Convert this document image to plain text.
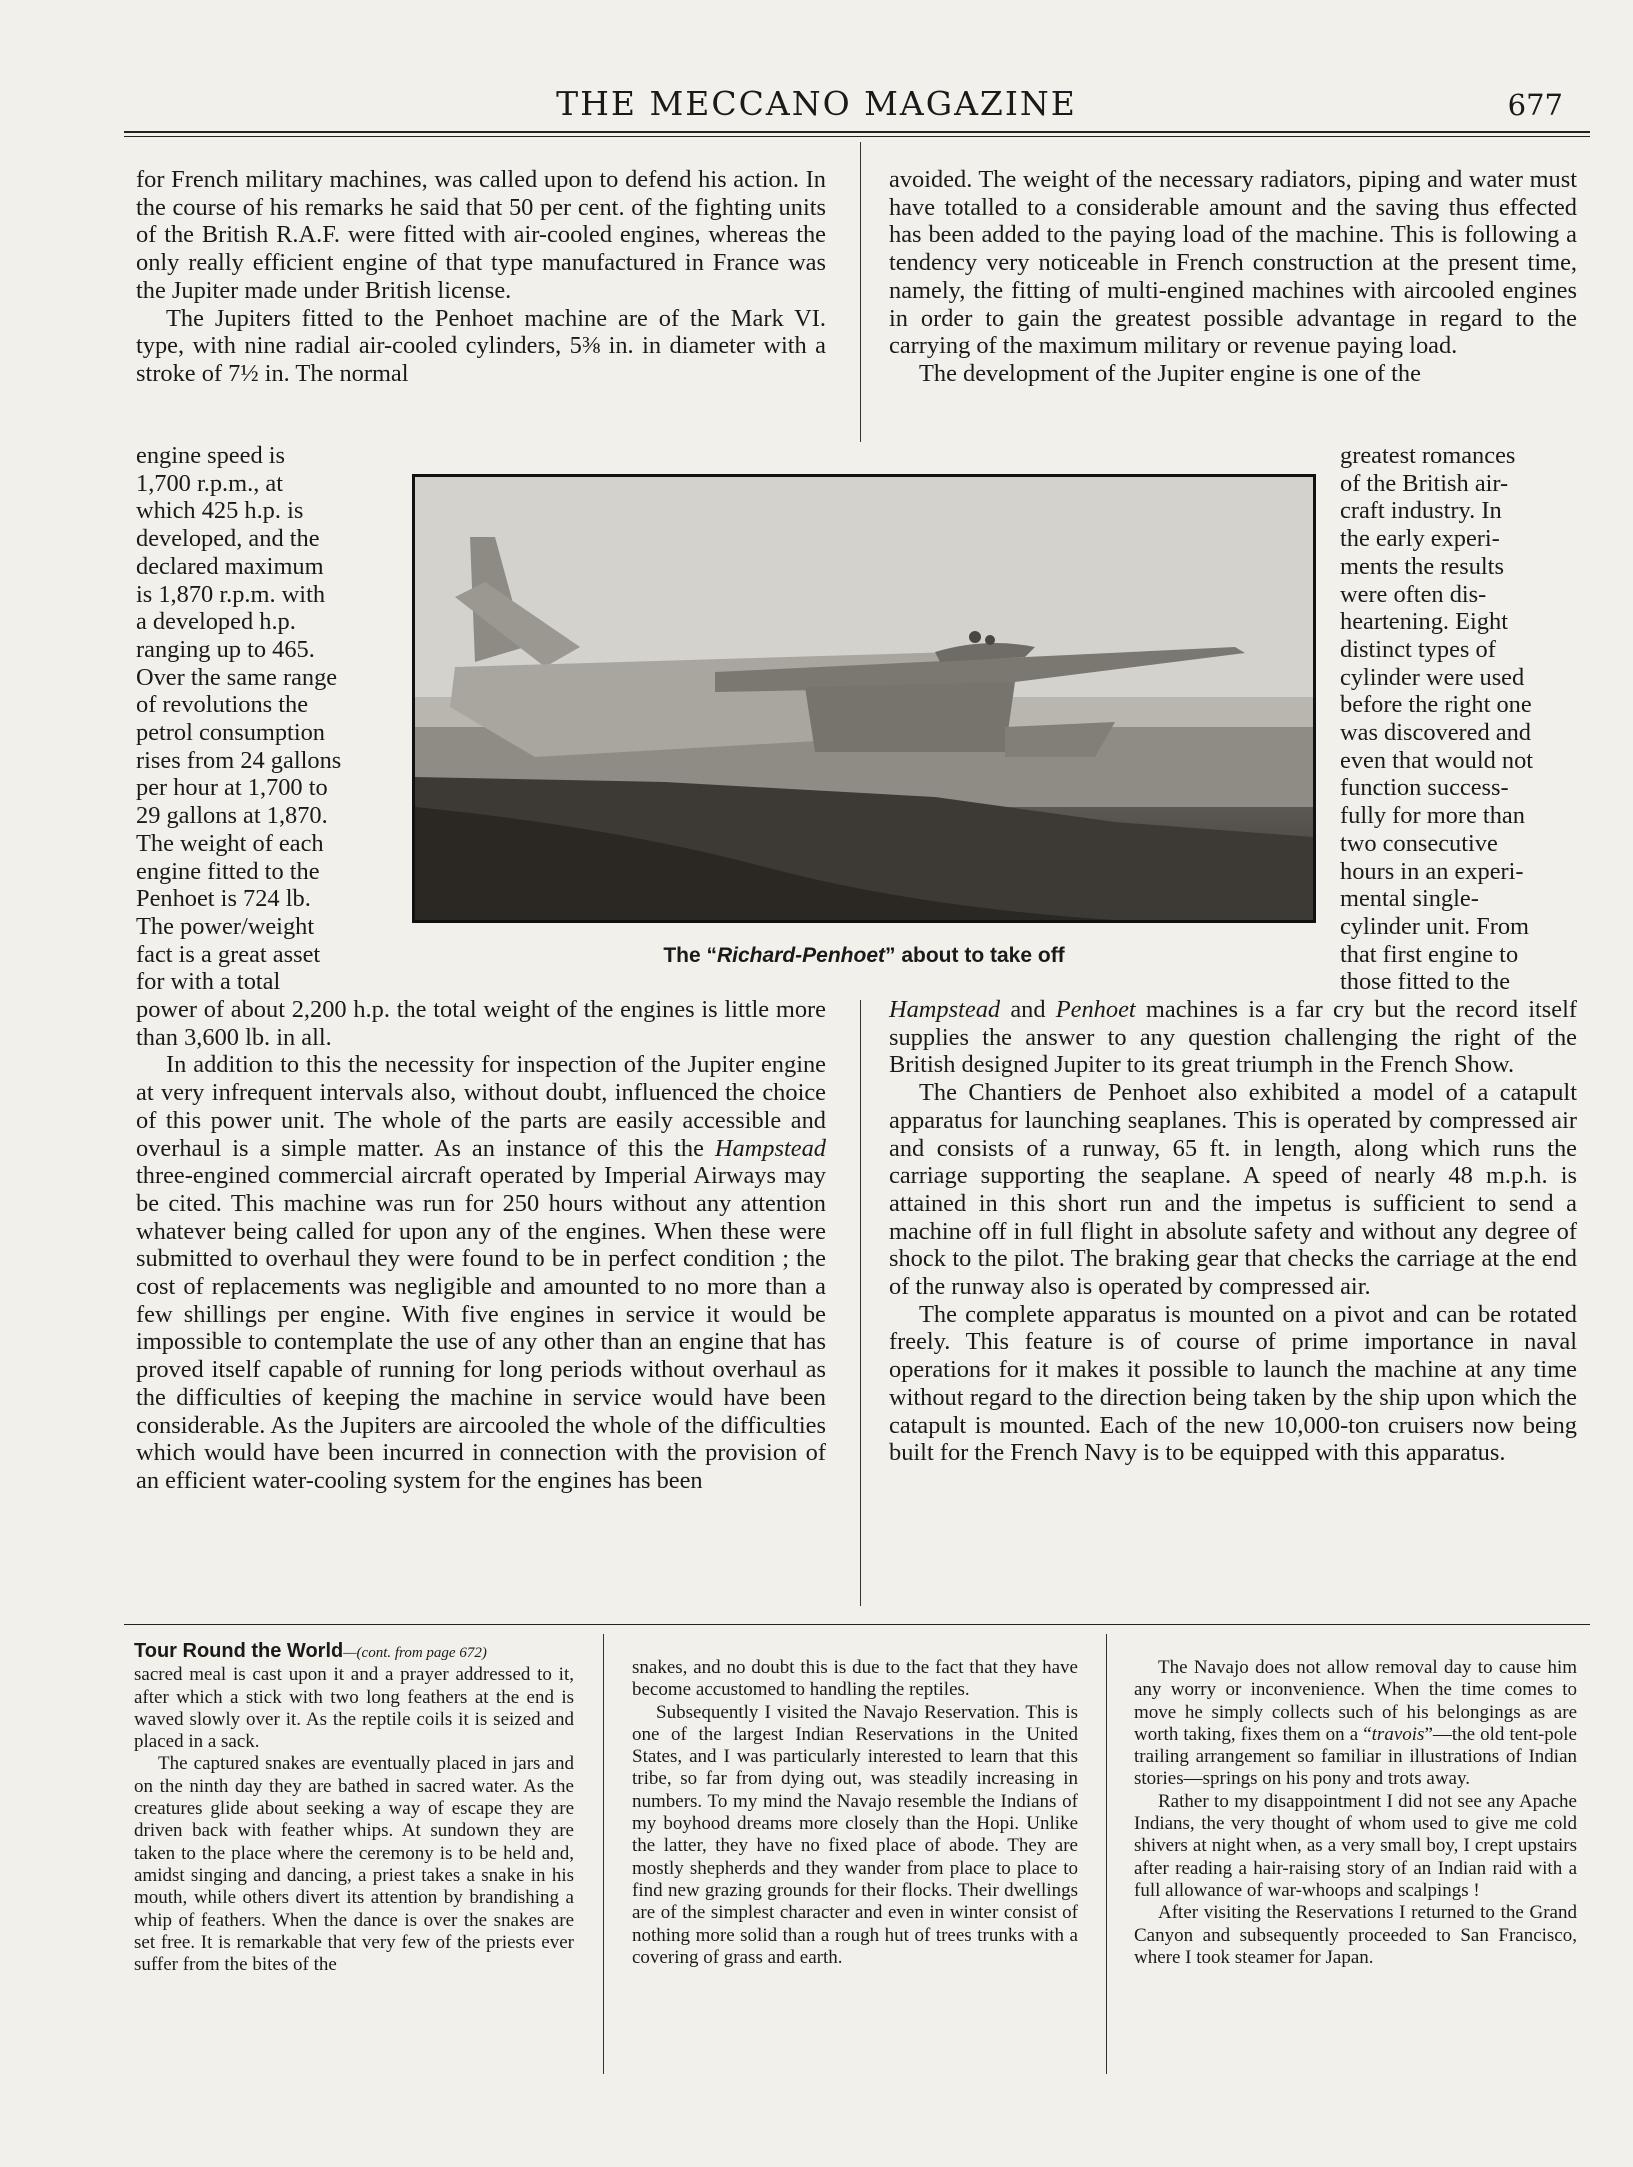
THE MECCANO MAGAZINE	677

for French military machines, was called upon to defend his action. In the course of his remarks he said that 50 per cent. of the fighting units of the British R.A.F. were fitted with air-cooled engines, whereas the only really efficient engine of that type manufactured in France was the Jupiter made under British license.

The Jupiters fitted to the Penhoet machine are of the Mark VI. type, with nine radial air-cooled cylinders, 5⅜ in. in diameter with a stroke of 7½ in. The normal

engine speed is
1,700 r.p.m., at
which 425 h.p. is
developed, and the
declared maximum
is 1,870 r.p.m. with
a developed h.p.
ranging up to 465.
Over the same range
of revolutions the
petrol consumption
rises from 24 gallons
per hour at 1,700 to
29 gallons at 1,870.
The weight of each
engine fitted to the
Penhoet is 724 lb.
The power/weight
fact is a great asset
for with a total

power of about 2,200 h.p. the total weight of the engines is little more than 3,600 lb. in all.

In addition to this the necessity for inspection of the Jupiter engine at very infrequent intervals also, without doubt, influenced the choice of this power unit. The whole of the parts are easily accessible and overhaul is a simple matter. As an instance of this the Hampstead three-engined commercial aircraft operated by Imperial Airways may be cited. This machine was run for 250 hours without any attention whatever being called for upon any of the engines. When these were submitted to overhaul they were found to be in perfect condition ; the cost of replacements was negligible and amounted to no more than a few shillings per engine. With five engines in service it would be impossible to contemplate the use of any other than an engine that has proved itself capable of running for long periods without overhaul as the difficulties of keeping the machine in service would have been considerable. As the Jupiters are aircooled the whole of the difficulties which would have been incurred in connection with the provision of an efficient water-cooling system for the engines has been

avoided. The weight of the necessary radiators, piping and water must have totalled to a considerable amount and the saving thus effected has been added to the paying load of the machine. This is following a tendency very noticeable in French construction at the present time, namely, the fitting of multi-engined machines with aircooled engines in order to gain the greatest possible advantage in regard to the carrying of the maximum military or revenue paying load.

The development of the Jupiter engine is one of the

greatest romances
of the British air-
craft industry. In
the early experi-
ments the results
were often dis-
heartening. Eight
distinct types of
cylinder were used
before the right one
was discovered and
even that would not
function success-
fully for more than
two consecutive
hours in an experi-
mental single-
cylinder unit. From
that first engine to
those fitted to the

Hampstead and Penhoet machines is a far cry but the record itself supplies the answer to any question challenging the right of the British designed Jupiter to its great triumph in the French Show.

The Chantiers de Penhoet also exhibited a model of a catapult apparatus for launching seaplanes. This is operated by compressed air and consists of a runway, 65 ft. in length, along which runs the carriage supporting the seaplane. A speed of nearly 48 m.p.h. is attained in this short run and the impetus is sufficient to send a machine off in full flight in absolute safety and without any degree of shock to the pilot. The braking gear that checks the carriage at the end of the runway also is operated by compressed air.

The complete apparatus is mounted on a pivot and can be rotated freely. This feature is of course of prime importance in naval operations for it makes it possible to launch the machine at any time without regard to the direction being taken by the ship upon which the catapult is mounted. Each of the new 10,000-ton cruisers now being built for the French Navy is to be equipped with this apparatus.

The “Richard-Penhoet” about to take off

Tour Round the World—(cont. from page 672)

sacred meal is cast upon it and a prayer addressed to it, after which a stick with two long feathers at the end is waved slowly over it. As the reptile coils it is seized and placed in a sack.

The captured snakes are eventually placed in jars and on the ninth day they are bathed in sacred water. As the creatures glide about seeking a way of escape they are driven back with feather whips. At sundown they are taken to the place where the ceremony is to be held and, amidst singing and dancing, a priest takes a snake in his mouth, while others divert its attention by brandishing a whip of feathers. When the dance is over the snakes are set free. It is remarkable that very few of the priests ever suffer from the bites of the

snakes, and no doubt this is due to the fact that they have become accustomed to handling the reptiles.

Subsequently I visited the Navajo Reservation. This is one of the largest Indian Reservations in the United States, and I was particularly interested to learn that this tribe, so far from dying out, was steadily increasing in numbers. To my mind the Navajo resemble the Indians of my boyhood dreams more closely than the Hopi. Unlike the latter, they have no fixed place of abode. They are mostly shepherds and they wander from place to place to find new grazing grounds for their flocks. Their dwellings are of the simplest character and even in winter consist of nothing more solid than a rough hut of trees trunks with a covering of grass and earth.

The Navajo does not allow removal day to cause him any worry or inconvenience. When the time comes to move he simply collects such of his belongings as are worth taking, fixes them on a “travois”—the old tent-pole trailing arrangement so familiar in illustrations of Indian stories—springs on his pony and trots away.

Rather to my disappointment I did not see any Apache Indians, the very thought of whom used to give me cold shivers at night when, as a very small boy, I crept upstairs after reading a hair-raising story of an Indian raid with a full allowance of war-whoops and scalpings !

After visiting the Reservations I returned to the Grand Canyon and subsequently proceeded to San Francisco, where I took steamer for Japan.
